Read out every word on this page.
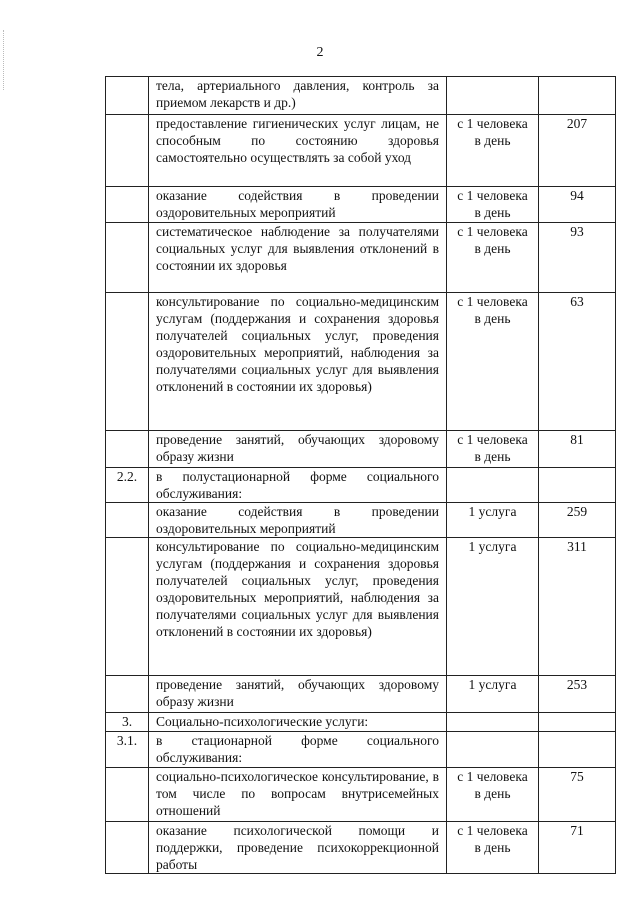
2
	тела, артериального давления, контроль за приемом лекарств и др.)		
	предоставление гигиенических услуг лицам, не способным по состоянию здоровья самостоятельно осуществлять за собой уход	с 1 человека в день	207
	оказание содействия в проведении оздоровительных мероприятий	с 1 человека в день	94
	систематическое наблюдение за получателями социальных услуг для выявления отклонений в состоянии их здоровья	с 1 человека в день	93
	консультирование по социально-медицинским услугам (поддержания и сохранения здоровья получателей социальных услуг, проведения оздоровительных мероприятий, наблюдения за получателями социальных услуг для выявления отклонений в состоянии их здоровья)	с 1 человека в день	63
	проведение занятий, обучающих здоровому образу жизни	с 1 человека в день	81
2.2.	в полустационарной форме социального обслуживания:		
	оказание содействия в проведении оздоровительных мероприятий	1 услуга	259
	консультирование по социально-медицинским услугам (поддержания и сохранения здоровья получателей социальных услуг, проведения оздоровительных мероприятий, наблюдения за получателями социальных услуг для выявления отклонений в состоянии их здоровья)	1 услуга	311
	проведение занятий, обучающих здоровому образу жизни	1 услуга	253
3.	Социально-психологические услуги:		
3.1.	в стационарной форме социального обслуживания:		
	социально-психологическое консультирование, в том числе по вопросам внутрисемейных отношений	с 1 человека в день	75
	оказание психологической помощи и поддержки, проведение психокоррекционной работы	с 1 человека в день	71
